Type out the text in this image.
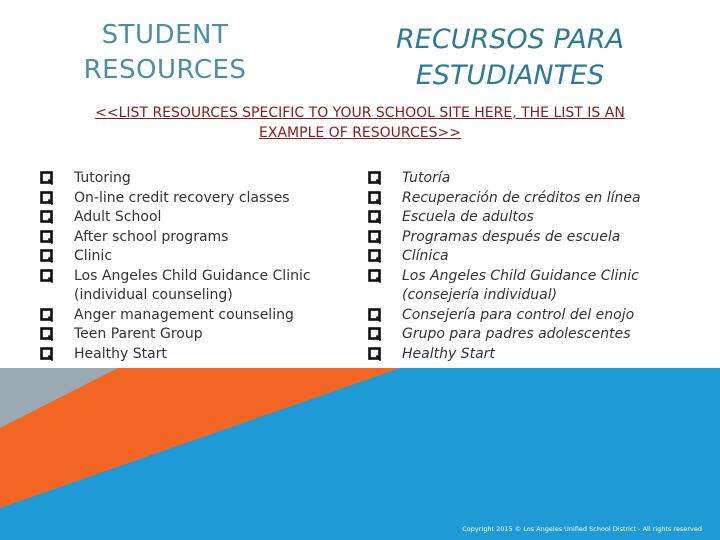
STUDENT
RESOURCES
RECURSOS PARA
ESTUDIANTES
<<LIST RESOURCES SPECIFIC TO YOUR SCHOOL SITE HERE, THE LIST IS AN
EXAMPLE OF RESOURCES>>
Tutoring
On-line credit recovery classes
Adult School
After school programs
Clinic
Los Angeles Child Guidance Clinic
(individual counseling)
Anger management counseling
Teen Parent Group
Healthy Start
Tutoría
Recuperación de créditos en línea
Escuela de adultos
Programas después de escuela
Clínica
Los Angeles Child Guidance Clinic
(consejería individual)
Consejería para control del enojo
Grupo para padres adolescentes
Healthy Start
Copyright 2015 © Los Angeles Unified School District - All rights reserved
